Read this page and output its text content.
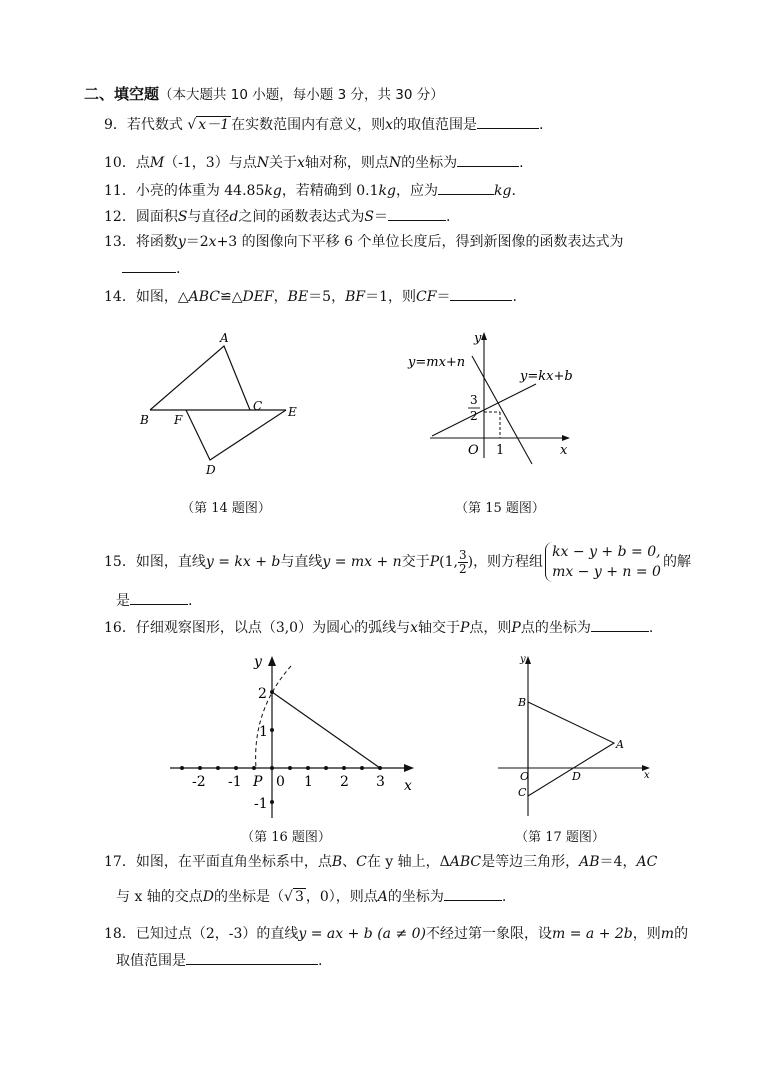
二、填空题（本大题共 10 小题，每小题 3 分，共 30 分）
9．若代数式 √ x－1 在实数范围内有意义，则x的取值范围是	.
10．点M（-1，3）与点N关于x轴对称，则点N的坐标为	.
11．小亮的体重为 44.85kg，若精确到 0.1kg，应为	kg.
12．圆面积S与直径d之间的函数表达式为S＝	.
13．将函数y＝2x+3 的图像向下平移 6 个单位长度后，得到新图像的函数表达式为
.
14．如图，△ABC≌△DEF，BE＝5，BF＝1，则CF＝	.
A
B F
C E
D
（第 14 题图）
y=mx+n
y=kx+b
3
2
O 1	x
y
（第 15 题图）
15．如图，直线y = kx + b与直线y = mx + n交于P(1, $\frac{3}{2}$ )，则方程组
kx − y + b = 0,
mx − y + n = 0
的解
是	.
16．仔细观察图形，以点（3,0）为圆心的弧线与x轴交于P点，则P点的坐标为	.
-2 -1 0 1 2 3
2
1
-1
P	x
y
（第 16 题图）
B
A
O	D
C
x
y
（第 17 题图）
17．如图，在平面直角坐标系中，点B、C在 y 轴上，ΔABC是等边三角形，AB＝4，AC
与 x 轴的交点D的坐标是（√ 3 ，0），则点A的坐标为	.
18．已知过点（2，-3）的直线y = ax + b (a ≠ 0)不经过第一象限，设m = a + 2b，则m的
取值范围是	.
